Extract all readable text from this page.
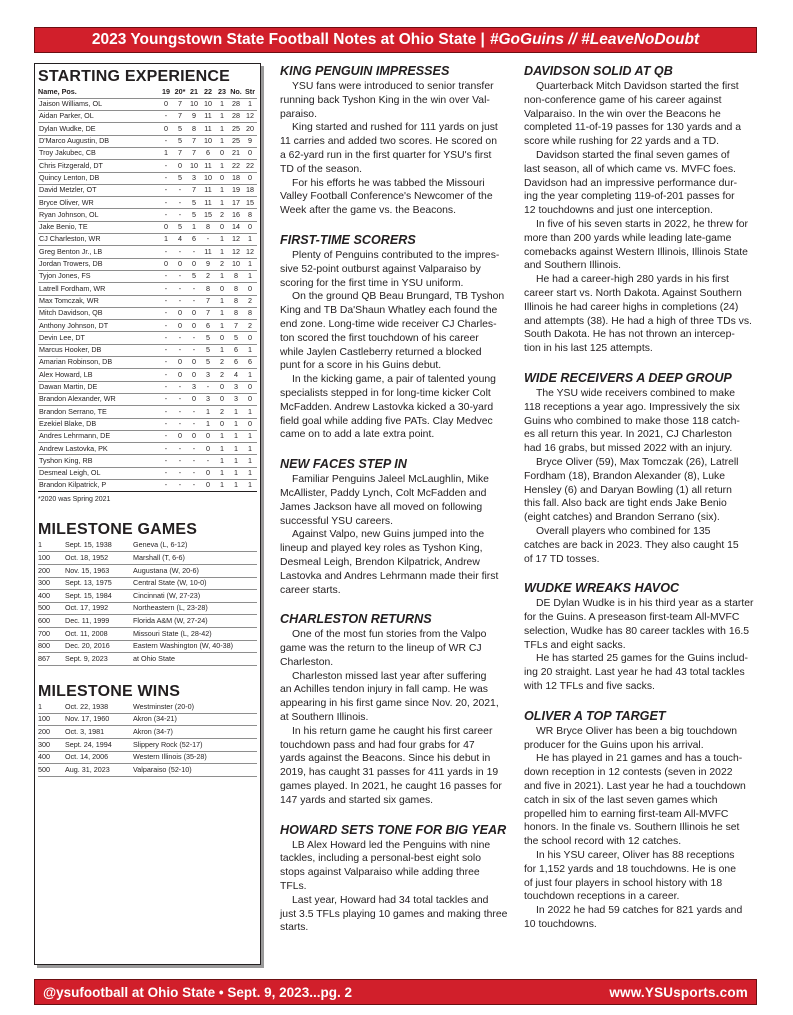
2023 Youngstown State Football Notes at Ohio State | #GoGuins // #LeaveNoDoubt
STARTING EXPERIENCE
Name, Pos.	19	20*	21	22	23	No.	Str
Jaison Williams, OL	0	7	10	10	1	28	1
Aidan Parker, OL	-	7	9	11	1	28	12
Dylan Wudke, DE	0	5	8	11	1	25	20
D'Marco Augustin, DB	-	5	7	10	1	25	9
Troy Jakubec, CB	1	7	7	6	0	21	0
Chris Fitzgerald, DT	-	0	10	11	1	22	22
Quincy Lenton, DB	-	5	3	10	0	18	0
David Metzler, OT	-	-	7	11	1	19	18
Bryce Oliver, WR	-	-	5	11	1	17	15
Ryan Johnson, OL	-	-	5	15	2	16	8
Jake Benio, TE	0	5	1	8	0	14	0
CJ Charleston, WR	1	4	6	-	1	12	1
Greg Benton Jr., LB	-	-	-	11	1	12	12
Jordan Trowers, DB	0	0	0	9	2	10	1
Tyjon Jones, FS	-	-	5	2	1	8	1
Latrell Fordham, WR	-	-	-	8	0	8	0
Max Tomczak, WR	-	-	-	7	1	8	2
Mitch Davidson, QB	-	0	0	7	1	8	8
Anthony Johnson, DT	-	0	0	6	1	7	2
Devin Lee, DT	-	-	-	5	0	5	0
Marcus Hooker, DB	-	-	-	5	1	6	1
Amarian Robinson, DB	-	0	0	5	2	6	6
Alex Howard, LB	-	0	0	3	2	4	1
Dawan Martin, DE	-	-	3	-	0	3	0
Brandon Alexander, WR	-	-	0	3	0	3	0
Brandon Serrano, TE	-	-	-	1	2	1	1
Ezekiel Blake, DB	-	-	-	1	0	1	0
Andres Lehrmann, DE	-	0	0	0	1	1	1
Andrew Lastovka, PK	-	-	-	0	1	1	1
Tyshon King, RB	-	-	-	-	1	1	1
Desmeal Leigh, OL	-	-	-	0	1	1	1
Brandon Kilpatrick, P	-	-	-	0	1	1	1
*2020 was Spring 2021
MILESTONE GAMES
1	Sept. 15, 1938	Geneva (L, 6-12)
100	Oct. 18, 1952	Marshall (T, 6-6)
200	Nov. 15, 1963	Augustana (W, 20-6)
300	Sept. 13, 1975	Central State (W, 10-0)
400	Sept. 15, 1984	Cincinnati (W, 27-23)
500	Oct. 17, 1992	Northeastern (L, 23-28)
600	Dec. 11, 1999	Florida A&M (W, 27-24)
700	Oct. 11, 2008	Missouri State (L, 28-42)
800	Dec. 20, 2016	Eastern Washington (W, 40-38)
867	Sept. 9, 2023	at Ohio State
MILESTONE WINS
1	Oct. 22, 1938	Westminster (20-0)
100	Nov. 17, 1960	Akron (34-21)
200	Oct. 3, 1981	Akron (34-7)
300	Sept. 24, 1994	Slippery Rock (52-17)
400	Oct. 14, 2006	Western Illinois (35-28)
500	Aug. 31, 2023	Valparaiso (52-10)
KING PENGUIN IMPRESSES
YSU fans were introduced to senior transfer
running back Tyshon King in the win over Val-
paraiso.
King started and rushed for 111 yards on just
11 carries and added two scores. He scored on
a 62-yard run in the first quarter for YSU's first
TD of the season.
For his efforts he was tabbed the Missouri
Valley Football Conference's Newcomer of the
Week after the game vs. the Beacons.
FIRST-TIME SCORERS
Plenty of Penguins contributed to the impres-
sive 52-point outburst against Valparaiso by
scoring for the first time in YSU uniform.
On the ground QB Beau Brungard, TB Tyshon
King and TB Da'Shaun Whatley each found the
end zone. Long-time wide receiver CJ Charles-
ton scored the first touchdown of his career
while Jaylen Castleberry returned a blocked
punt for a score in his Guins debut.
In the kicking game, a pair of talented young
specialists stepped in for long-time kicker Colt
McFadden. Andrew Lastovka kicked a 30-yard
field goal while adding five PATs. Clay Medvec
came on to add a late extra point.
NEW FACES STEP IN
Familiar Penguins Jaleel McLaughlin, Mike
McAllister, Paddy Lynch, Colt McFadden and
James Jackson have all moved on following
successful YSU careers.
Against Valpo, new Guins jumped into the
lineup and played key roles as Tyshon King,
Desmeal Leigh, Brendon Kilpatrick, Andrew
Lastovka and Andres Lehrmann made their first
career starts.
CHARLESTON RETURNS
One of the most fun stories from the Valpo
game was the return to the lineup of WR CJ
Charleston.
Charleston missed last year after suffering
an Achilles tendon injury in fall camp. He was
appearing in his first game since Nov. 20, 2021,
at Southern Illinois.
In his return game he caught his first career
touchdown pass and had four grabs for 47
yards against the Beacons. Since his debut in
2019, has caught 31 passes for 411 yards in 19
games played. In 2021, he caught 16 passes for
147 yards and started six games.
HOWARD SETS TONE FOR BIG YEAR
LB Alex Howard led the Penguins with nine
tackles, including a personal-best eight solo
stops against Valparaiso while adding three
TFLs.
Last year, Howard had 34 total tackles and
just 3.5 TFLs playing 10 games and making three
starts.
DAVIDSON SOLID AT QB
Quarterback Mitch Davidson started the first
non-conference game of his career against
Valparaiso. In the win over the Beacons he
completed 11-of-19 passes for 130 yards and a
score while rushing for 22 yards and a TD.
Davidson started the final seven games of
last season, all of which came vs. MVFC foes.
Davidson had an impressive performance dur-
ing the year completing 119-of-201 passes for
12 touchdowns and just one interception.
In five of his seven starts in 2022, he threw for
more than 200 yards while leading late-game
comebacks against Western Illinois, Illinois State
and Southern Illinois.
He had a career-high 280 yards in his first
career start vs. North Dakota. Against Southern
Illinois he had career highs in completions (24)
and attempts (38). He had a high of three TDs vs.
South Dakota. He has not thrown an intercep-
tion in his last 125 attempts.
WIDE RECEIVERS A DEEP GROUP
The YSU wide receivers combined to make
118 receptions a year ago. Impressively the six
Guins who combined to make those 118 catch-
es all return this year. In 2021, CJ Charleston
had 16 grabs, but missed 2022 with an injury.
Bryce Oliver (59), Max Tomczak (26), Latrell
Fordham (18), Brandon Alexander (8), Luke
Hensley (6) and Daryan Bowling (1) all return
this fall. Also back are tight ends Jake Benio
(eight catches) and Brandon Serrano (six).
Overall players who combined for 135
catches are back in 2023. They also caught 15
of 17 TD tosses.
WUDKE WREAKS HAVOC
DE Dylan Wudke is in his third year as a starter
for the Guins. A preseason first-team All-MVFC
selection, Wudke has 80 career tackles with 16.5
TFLs and eight sacks.
He has started 25 games for the Guins includ-
ing 20 straight. Last year he had 43 total tackles
with 12 TFLs and five sacks.
OLIVER A TOP TARGET
WR Bryce Oliver has been a big touchdown
producer for the Guins upon his arrival.
He has played in 21 games and has a touch-
down reception in 12 contests (seven in 2022
and five in 2021). Last year he had a touchdown
catch in six of the last seven games which
propelled him to earning first-team All-MVFC
honors. In the finale vs. Southern Illinois he set
the school record with 12 catches.
In his YSU career, Oliver has 88 receptions
for 1,152 yards and 18 touchdowns. He is one
of just four players in school history with 18
touchdown receptions in a career.
In 2022 he had 59 catches for 821 yards and
10 touchdowns.
@ysufootball at Ohio State • Sept. 9, 2023...pg. 2	www.YSUsports.com
